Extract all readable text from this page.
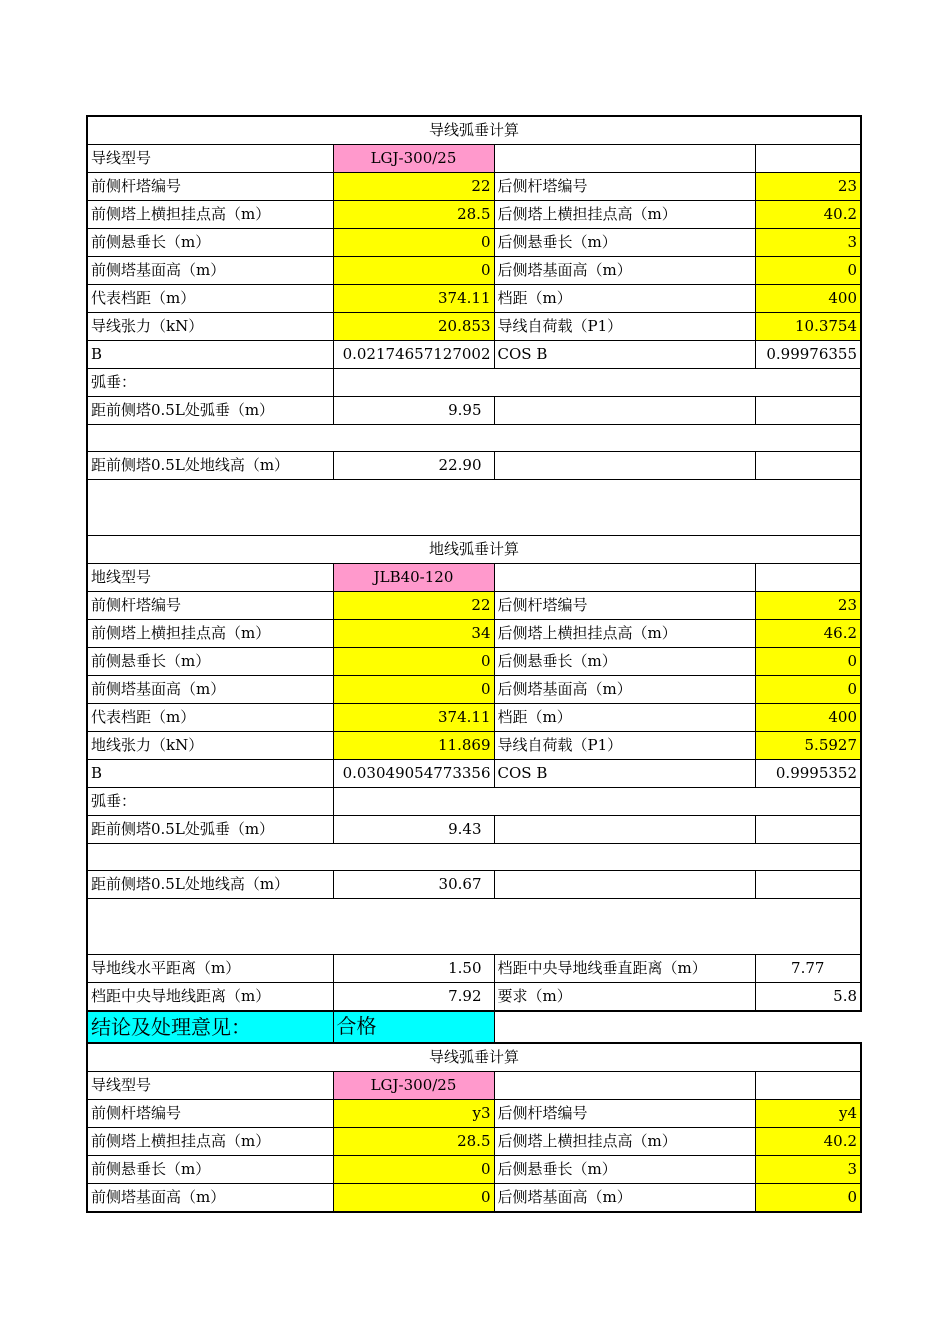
导线弧垂计算			
导线型号	LGJ-300/25		
前侧杆塔编号	22	后侧杆塔编号	23
前侧塔上横担挂点高（m）	28.5	后侧塔上横担挂点高（m）	40.2
前侧悬垂长（m）	0	后侧悬垂长（m）	3
前侧塔基面高（m）	0	后侧塔基面高（m）	0
代表档距（m）	374.11	档距（m）	400
导线张力（kN）	20.853	导线自荷载（P1）	10.3754
B	0.02174657127002	COS B	0.99976355
弧垂：			
距前侧塔0.5L处弧垂（m）	9.95		

距前侧塔0.5L处地线高（m）	22.90		

地线弧垂计算			
地线型号	JLB40-120		
前侧杆塔编号	22	后侧杆塔编号	23
前侧塔上横担挂点高（m）	34	后侧塔上横担挂点高（m）	46.2
前侧悬垂长（m）	0	后侧悬垂长（m）	0
前侧塔基面高（m）	0	后侧塔基面高（m）	0
代表档距（m）	374.11	档距（m）	400
地线张力（kN）	11.869	导线自荷载（P1）	5.5927
B	0.03049054773356	COS B	0.9995352
弧垂：			
距前侧塔0.5L处弧垂（m）	9.43		

距前侧塔0.5L处地线高（m）	30.67		

导地线水平距离（m）	1.50	档距中央导地线垂直距离（m）	7.77
档距中央导地线距离（m）	7.92	要求（m）	5.8
结论及处理意见：	合格		
导线弧垂计算			
导线型号	LGJ-300/25		
前侧杆塔编号	y3	后侧杆塔编号	y4
前侧塔上横担挂点高（m）	28.5	后侧塔上横担挂点高（m）	40.2
前侧悬垂长（m）	0	后侧悬垂长（m）	3
前侧塔基面高（m）	0	后侧塔基面高（m）	0
